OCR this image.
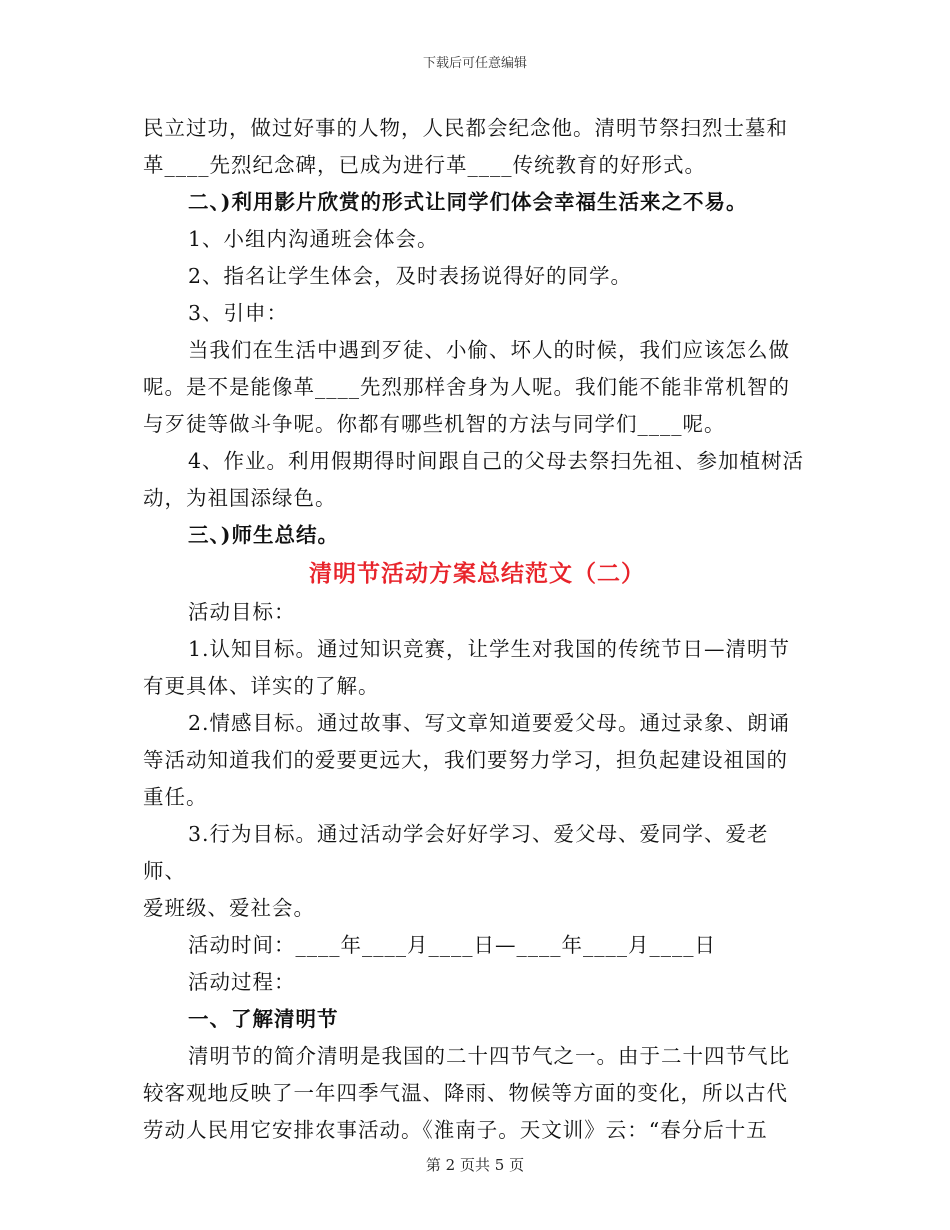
下载后可任意编辑

民立过功，做过好事的人物，人民都会纪念他。清明节祭扫烈士墓和

革____先烈纪念碑，已成为进行革____传统教育的好形式。

二、)利用影片欣赏的形式让同学们体会幸福生活来之不易。

1、小组内沟通班会体会。

2、指名让学生体会，及时表扬说得好的同学。

3、引申：

当我们在生活中遇到歹徒、小偷、坏人的时候，我们应该怎么做

呢。是不是能像革____先烈那样舍身为人呢。我们能不能非常机智的

与歹徒等做斗争呢。你都有哪些机智的方法与同学们____呢。

4、作业。利用假期得时间跟自己的父母去祭扫先祖、参加植树活

动，为祖国添绿色。

三、)师生总结。

清明节活动方案总结范文（二）

活动目标：

1.认知目标。通过知识竞赛，让学生对我国的传统节日—清明节

有更具体、详实的了解。

2.情感目标。通过故事、写文章知道要爱父母。通过录象、朗诵

等活动知道我们的爱要更远大，我们要努力学习，担负起建设祖国的

重任。

3.行为目标。通过活动学会好好学习、爱父母、爱同学、爱老师、

爱班级、爱社会。

活动时间：____年____月____日—____年____月____日

活动过程：

一、了解清明节

清明节的简介清明是我国的二十四节气之一。由于二十四节气比

较客观地反映了一年四季气温、降雨、物候等方面的变化，所以古代

劳动人民用它安排农事活动。《淮南子。天文训》云：“春分后十五

第 2 页共 5 页
